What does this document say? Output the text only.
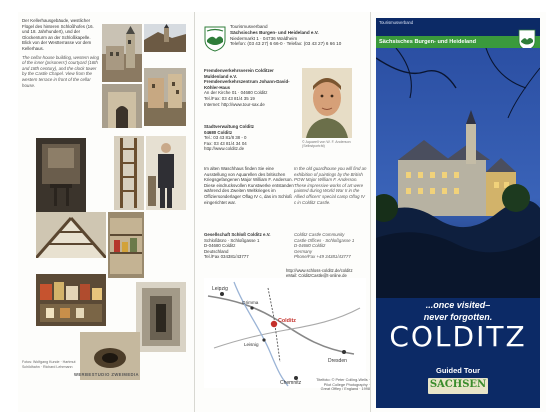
Der Kellerhausgebäude, westlicher Flügel des hinteren Schloßhofes (16. und 18. Jahrhundert), und der Glockenturm an der Schloßkapelle. Blick von der Westterrasse vor dem Kellerhaus.
The cellar-house building, western wing of the inner (prisoners') courtyard (16th and 18th century), and the clock tower by the Castle Chapel. View from the western terrace in front of the cellar house.
Fotos: Wolfgang Kunde · Hartmut Schildhahn · Richard Lehrmann
WERBESTUDIO ZWEIMEDIA
Tourismusverband
Sächsisches Burgen- und Heideland e.V.
Niedermarkt 1 · 04736 Waldheim
Telefon: (03 43 27) 6 66-0 · Telefax: (03 43 27) 6 66 10
Fremdenverkehrsverein Colditzer Muldenland e.V.
Fremdenverkehrszentrum Johann-David-Köhler-Haus
An der Kirche 01 · 04680 Colditz
Tel./Fax: 03 43 81/4 35 19
Internet: http://www.tour-sax.de
Stadtverwaltung Colditz
04680 Colditz
Tel.: 03 43 81/8 38 - 0
Fax: 03 43 81/4 34 04
http://www.colditz.de
Im alten Waschhaus finden Sie eine Ausstellung von Aquarellen des britischen Kriegsgefangenen Major William F. Anderson. Diese eindrucksvollen Kunstwerke entstanden während des Zweiten Weltkrieges im Offiziersonderlager Oflag IV c, das im Schloß eingerichtet war.
In the old guardhouse you will find an exhibition of paintings by the British POW Major William F. Anderson. These impressive works of art were painted during World War II in the Allied officers' special camp Oflag IV c in Colditz Castle.
© Aquarell von W. F. Anderson (Selbstporträt)
Gesellschaft Schloß Colditz e.V.
Schloßbüro · Schloßgasse 1
D-04680 Colditz
Deutschland
Tel./Fax 034381/43777
Colditz Castle Community
Castle Offices · Schloßgasse 1
D-04680 Colditz
Germany
Phone/Fax +49 34381/43777
http://www.schloss-colditz.de/colditz
eMail: ColditzCastle@t-online.de
Leipzig
Colditz
Dresden
Chemnitz
Grimma
Leisnig
Titelfoto: © Peter Colling-Wells · Pilot College Photography · Great Offley / England · 1998
Tourismusverband
Sächsisches Burgen- und Heideland
...once visited–
never forgotten.
COLDITZ
Guided Tour
SACHSEN
